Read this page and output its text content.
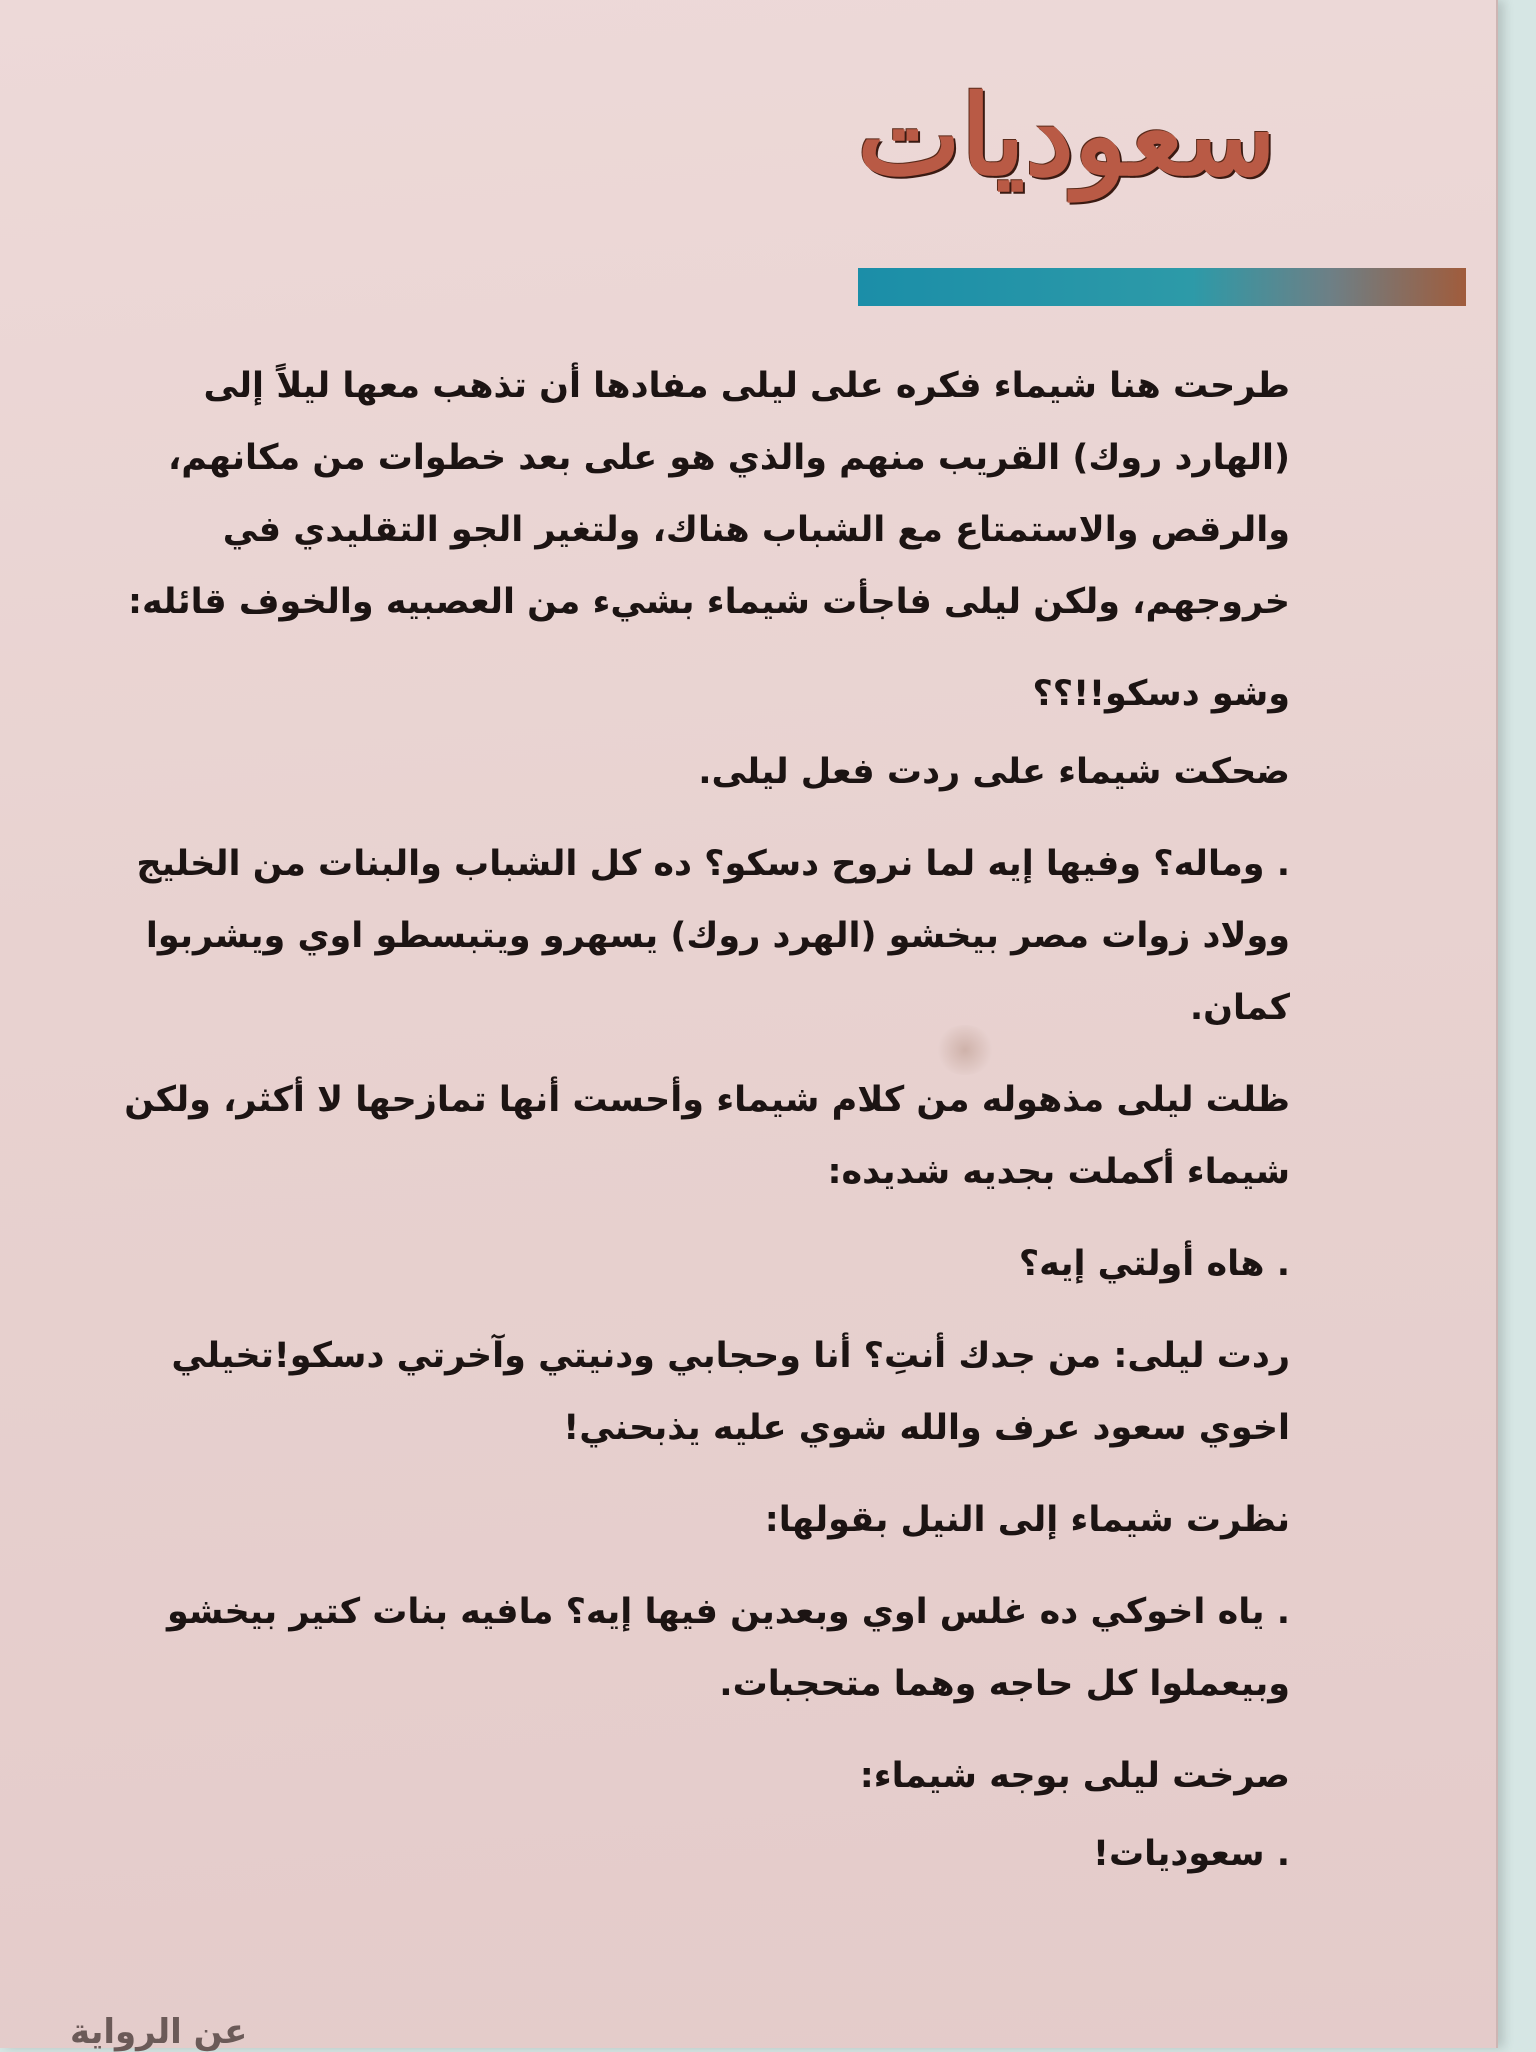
سعوديات

طرحت هنا شيماء فكره على ليلى مفادها أن تذهب معها ليلاً إلى (الهارد روك) القريب منهم والذي هو على بعد خطوات من مكانهم، والرقص والاستمتاع مع الشباب هناك، ولتغير الجو التقليدي في خروجهم، ولكن ليلى فاجأت شيماء بشيء من العصبيه والخوف قائله:

وشو دسكو!!؟؟

ضحكت شيماء على ردت فعل ليلى.

. وماله؟ وفيها إيه لما نروح دسكو؟ ده كل الشباب والبنات من الخليج وولاد زوات مصر بيخشو (الهرد روك) يسهرو ويتبسطو اوي ويشربوا كمان.

ظلت ليلى مذهوله من كلام شيماء وأحست أنها تمازحها لا أكثر، ولكن شيماء أكملت بجديه شديده:

. هاه أولتي إيه؟

ردت ليلى: من جدك أنتِ؟ أنا وحجابي ودنيتي وآخرتي دسكو!تخيلي اخوي سعود عرف والله شوي عليه يذبحني!

نظرت شيماء إلى النيل بقولها:

. ياه اخوكي ده غلس اوي وبعدين فيها إيه؟ مافيه بنات كتير بيخشو وبيعملوا كل حاجه وهما متحجبات.

صرخت ليلى بوجه شيماء:

. سعوديات!

عن الرواية
